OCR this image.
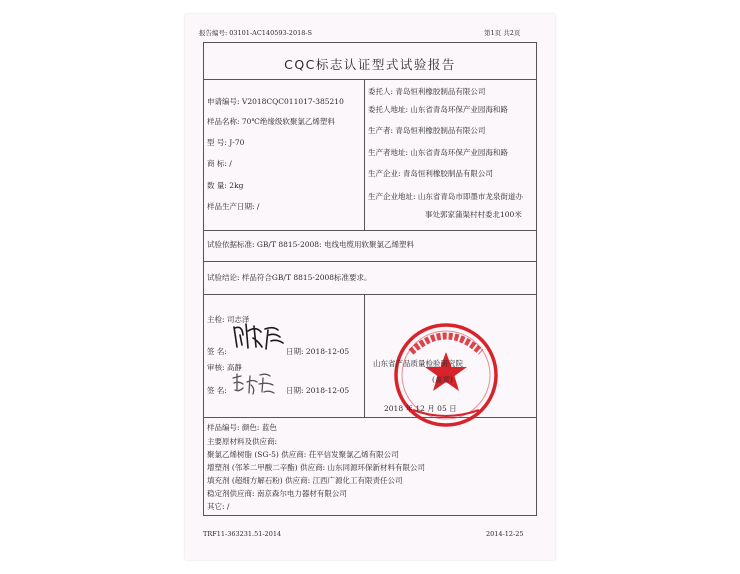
报告编号: 03101-AC140593-2018-S	第1页 共2页
CQC标志认证型式试验报告
申请编号: V2018CQC011017-385210
样品名称: 70℃绝缘级软聚氯乙烯塑料
型 号: J-70
商 标: /
数 量: 2kg
样品生产日期: /
委托人: 青岛恒利橡胶制品有限公司
委托人地址: 山东省青岛环保产业园海和路
生产者: 青岛恒利橡胶制品有限公司
生产者地址: 山东省青岛环保产业园海和路
生产企业: 青岛恒利橡胶制品有限公司
生产企业地址: 山东省青岛市即墨市龙泉街道办
事处郭家蒲渠村村委北100米
试验依据标准: GB/T 8815-2008: 电线电缆用软聚氯乙烯塑料
试验结论: 样品符合GB/T 8815-2008标准要求。
主检: 司志泽
签 名:	日期: 2018-12-05
审核: 高静
签 名:	日期: 2018-12-05
山东省产品质量检验研究院
(盖章)
2018 年 12 月 05 日
样品编号: 颜色: 蓝色
主要原材料及供应商:
聚氯乙烯树脂 (SG-5) 供应商: 茌平信发聚氯乙烯有限公司
增塑剂 (邻苯二甲酸二辛酯) 供应商: 山东同源环保新材料有限公司
填充剂 (超细方解石粉) 供应商: 江西广源化工有限责任公司
稳定剂供应商: 南京森尔电力器材有限公司
其它: /
TRF11-363231.51-2014	2014-12-25
